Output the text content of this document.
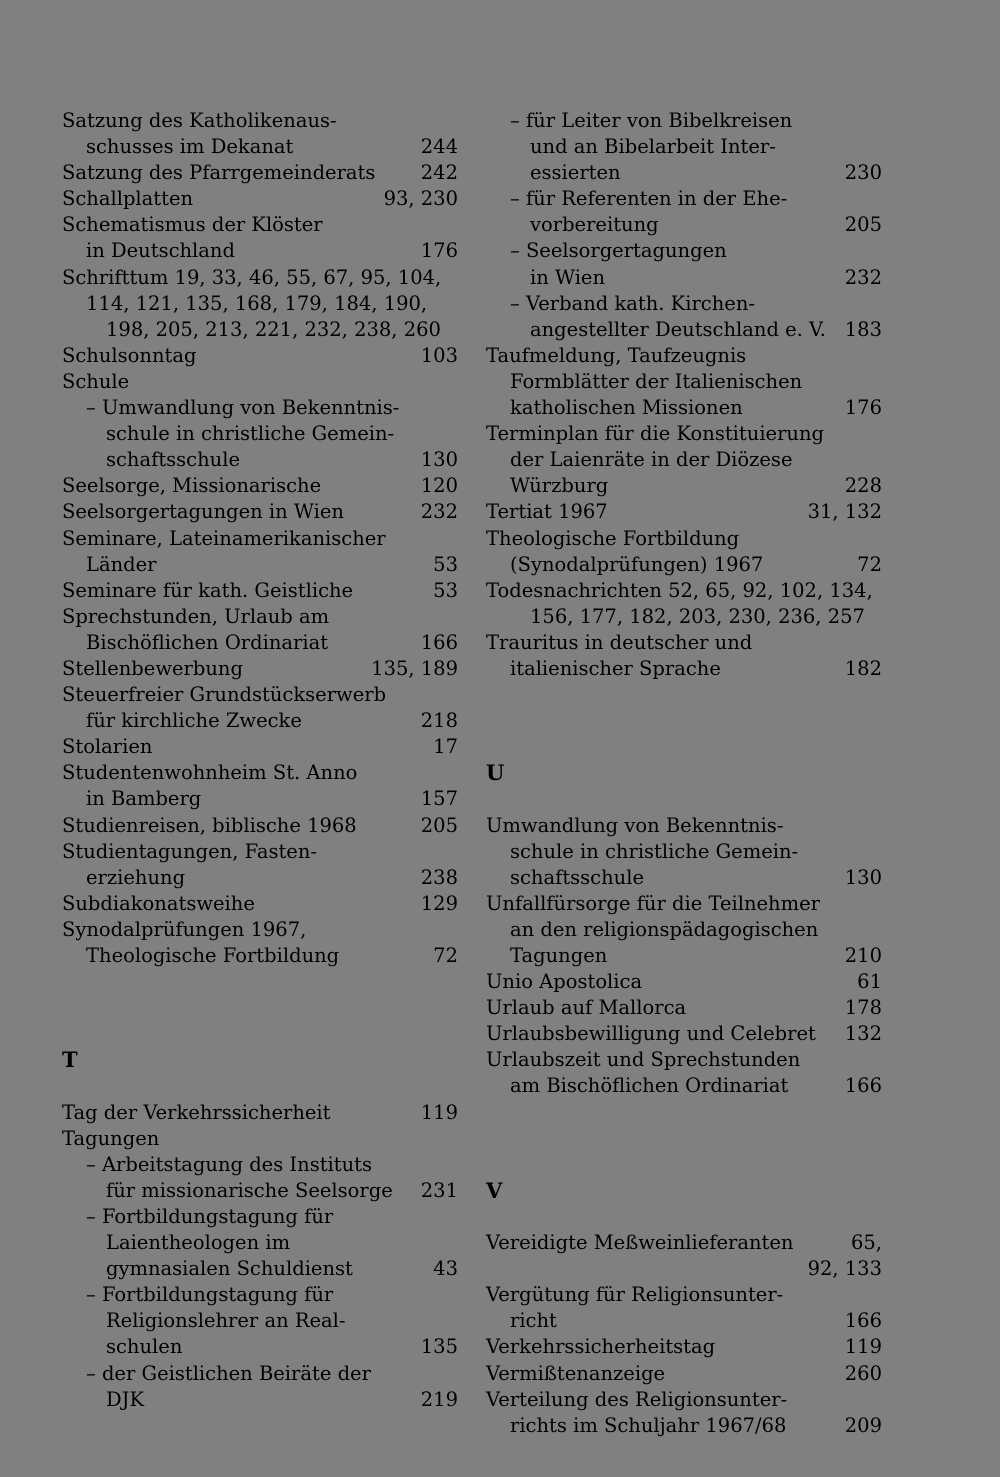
Satzung des Katholikenaus-
schusses im Dekanat	244
Satzung des Pfarrgemeinderats 242
Schallplatten	93, 230
Schematismus der Klöster
in Deutschland	176
Schrifttum 19, 33, 46, 55, 67, 95, 104,
114, 121, 135, 168, 179, 184, 190,
198, 205, 213, 221, 232, 238, 260
Schulsonntag	103
Schule
– Umwandlung von Bekenntnis-
schule in christliche Gemein-
schaftsschule	130
Seelsorge, Missionarische	120
Seelsorgertagungen in Wien	232
Seminare, Lateinamerikanischer
Länder	53
Seminare für kath. Geistliche	53
Sprechstunden, Urlaub am
Bischöflichen Ordinariat	166
Stellenbewerbung	135, 189
Steuerfreier Grundstückserwerb
für kirchliche Zwecke	218
Stolarien	17
Studentenwohnheim St. Anno
in Bamberg	157
Studienreisen, biblische 1968	205
Studientagungen, Fasten-
erziehung	238
Subdiakonatsweihe	129
Synodalprüfungen 1967,
Theologische Fortbildung	72
T
Tag der Verkehrssicherheit	119
Tagungen
– Arbeitstagung des Instituts
für missionarische Seelsorge 231
– Fortbildungstagung für
Laientheologen im
gymnasialen Schuldienst	43
– Fortbildungstagung für
Religionslehrer an Real-
schulen	135
– der Geistlichen Beiräte der
DJK	219
– für Leiter von Bibelkreisen
und an Bibelarbeit Inter-
essierten	230
– für Referenten in der Ehe-
vorbereitung	205
– Seelsorgertagungen
in Wien	232
– Verband kath. Kirchen-
angestellter Deutschland e. V. 183
Taufmeldung, Taufzeugnis
Formblätter der Italienischen
katholischen Missionen	176
Terminplan für die Konstituierung
der Laienräte in der Diözese
Würzburg	228
Tertiat 1967	31, 132
Theologische Fortbildung
(Synodalprüfungen) 1967	72
Todesnachrichten 52, 65, 92, 102, 134,
156, 177, 182, 203, 230, 236, 257
Trauritus in deutscher und
italienischer Sprache	182
U
Umwandlung von Bekenntnis-
schule in christliche Gemein-
schaftsschule	130
Unfallfürsorge für die Teilnehmer
an den religionspädagogischen
Tagungen	210
Unio Apostolica	61
Urlaub auf Mallorca	178
Urlaubsbewilligung und Celebret 132
Urlaubszeit und Sprechstunden
am Bischöflichen Ordinariat	166
V
Vereidigte Meßweinlieferanten	65,
92, 133
Vergütung für Religionsunter-
richt	166
Verkehrssicherheitstag	119
Vermißtenanzeige	260
Verteilung des Religionsunter-
richts im Schuljahr 1967/68	209
